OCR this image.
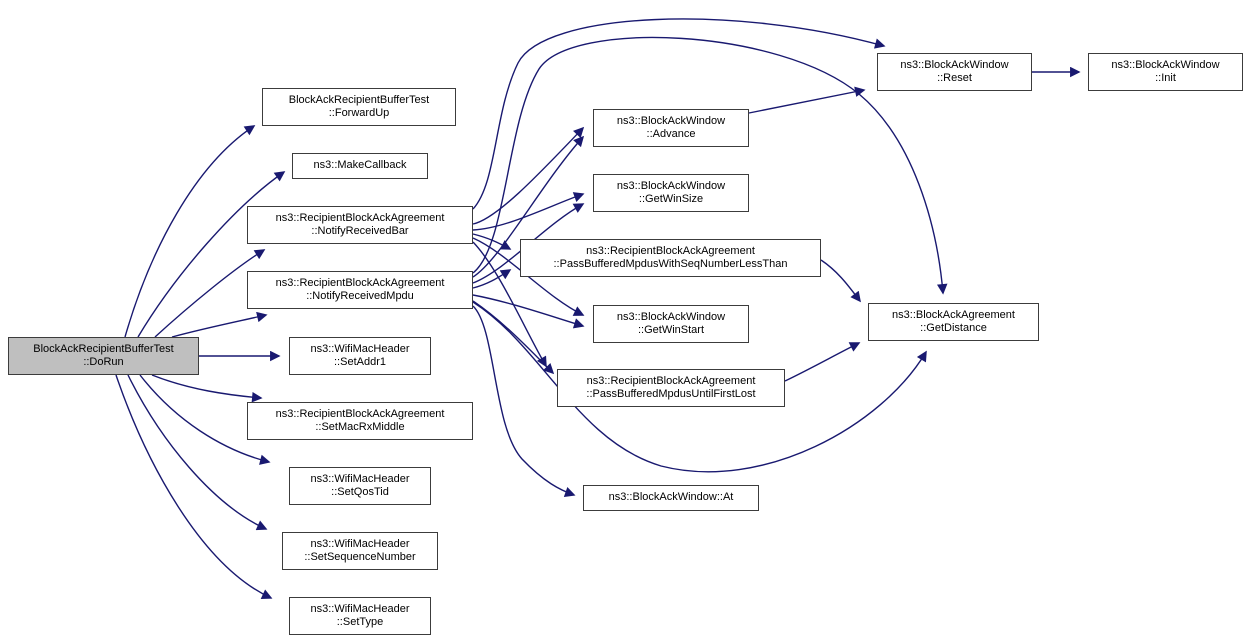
BlockAckRecipientBufferTest
::DoRun
BlockAckRecipientBufferTest
::ForwardUp
ns3::MakeCallback
ns3::RecipientBlockAckAgreement
::NotifyReceivedBar
ns3::RecipientBlockAckAgreement
::NotifyReceivedMpdu
ns3::WifiMacHeader
::SetAddr1
ns3::RecipientBlockAckAgreement
::SetMacRxMiddle
ns3::WifiMacHeader
::SetQosTid
ns3::WifiMacHeader
::SetSequenceNumber
ns3::WifiMacHeader
::SetType
ns3::BlockAckWindow
::Advance
ns3::BlockAckWindow
::GetWinSize
ns3::RecipientBlockAckAgreement
::PassBufferedMpdusWithSeqNumberLessThan
ns3::BlockAckWindow
::GetWinStart
ns3::RecipientBlockAckAgreement
::PassBufferedMpdusUntilFirstLost
ns3::BlockAckWindow::At
ns3::BlockAckWindow
::Reset
ns3::BlockAckAgreement
::GetDistance
ns3::BlockAckWindow
::Init
